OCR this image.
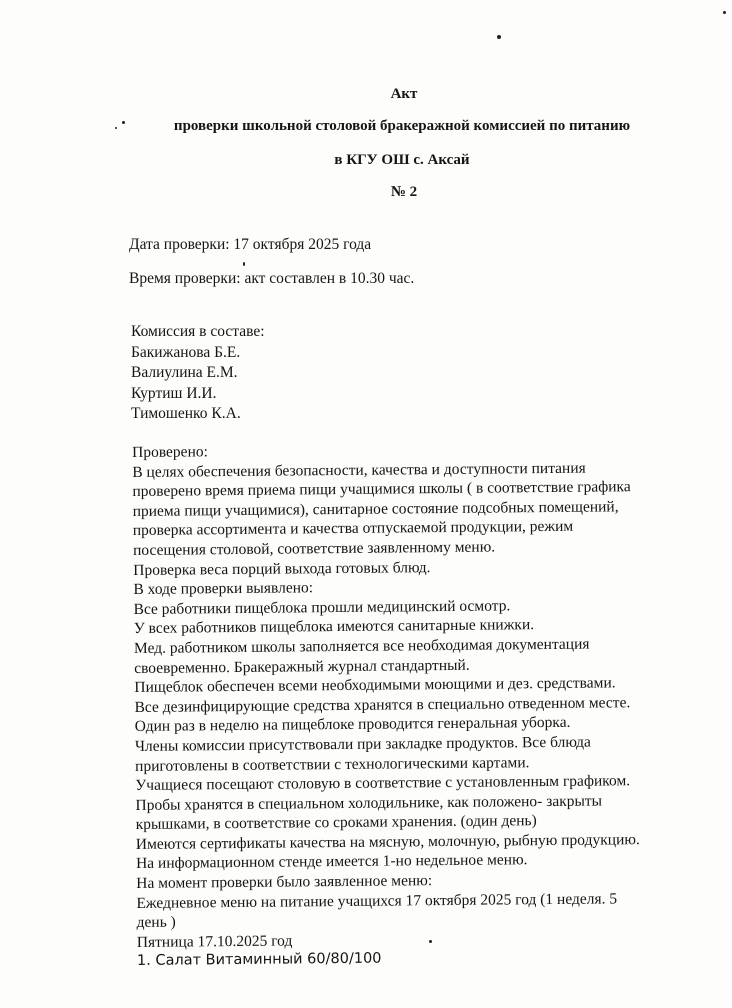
Акт
проверки школьной столовой бракеражной комиссией по питанию
в КГУ ОШ с. Аксай
№ 2
Дата проверки: 17 октября 2025 года
Время проверки: акт составлен в 10.30 час.
Комиссия в составе:
Бакижанова Б.Е.
Валиулина Е.М.
Куртиш И.И.
Тимошенко К.А.
Проверено:
В целях обеспечения безопасности, качества и доступности питания
проверено время приема пищи учащимися школы ( в соответствие графика
приема пищи учащимися), санитарное состояние подсобных помещений,
проверка ассортимента и качества отпускаемой продукции, режим
посещения столовой, соответствие заявленному меню.
Проверка веса порций выхода готовых блюд.
В ходе проверки выявлено:
Все работники пищеблока прошли медицинский осмотр.
У всех работников пищеблока имеются санитарные книжки.
Мед. работником школы заполняется все необходимая документация
своевременно. Бракеражный журнал стандартный.
Пищеблок обеспечен всеми необходимыми моющими и дез. средствами.
Все дезинфицирующие средства хранятся в специально отведенном месте.
Один раз в неделю на пищеблоке проводится генеральная уборка.
Члены комиссии присутствовали при закладке продуктов. Все блюда
приготовлены в соответствии с технологическими картами.
Учащиеся посещают столовую в соответствие с установленным графиком.
Пробы хранятся в специальном холодильнике, как положено- закрыты
крышками, в соответствие со сроками хранения. (один день)
Имеются сертификаты качества на мясную, молочную, рыбную продукцию.
На информационном стенде имеется 1-но недельное меню.
На момент проверки было заявленное меню:
Ежедневное меню на питание учащихся 17 октября 2025 год (1 неделя. 5
день )
Пятница 17.10.2025 год
1. Салат Витаминный 60/80/100
